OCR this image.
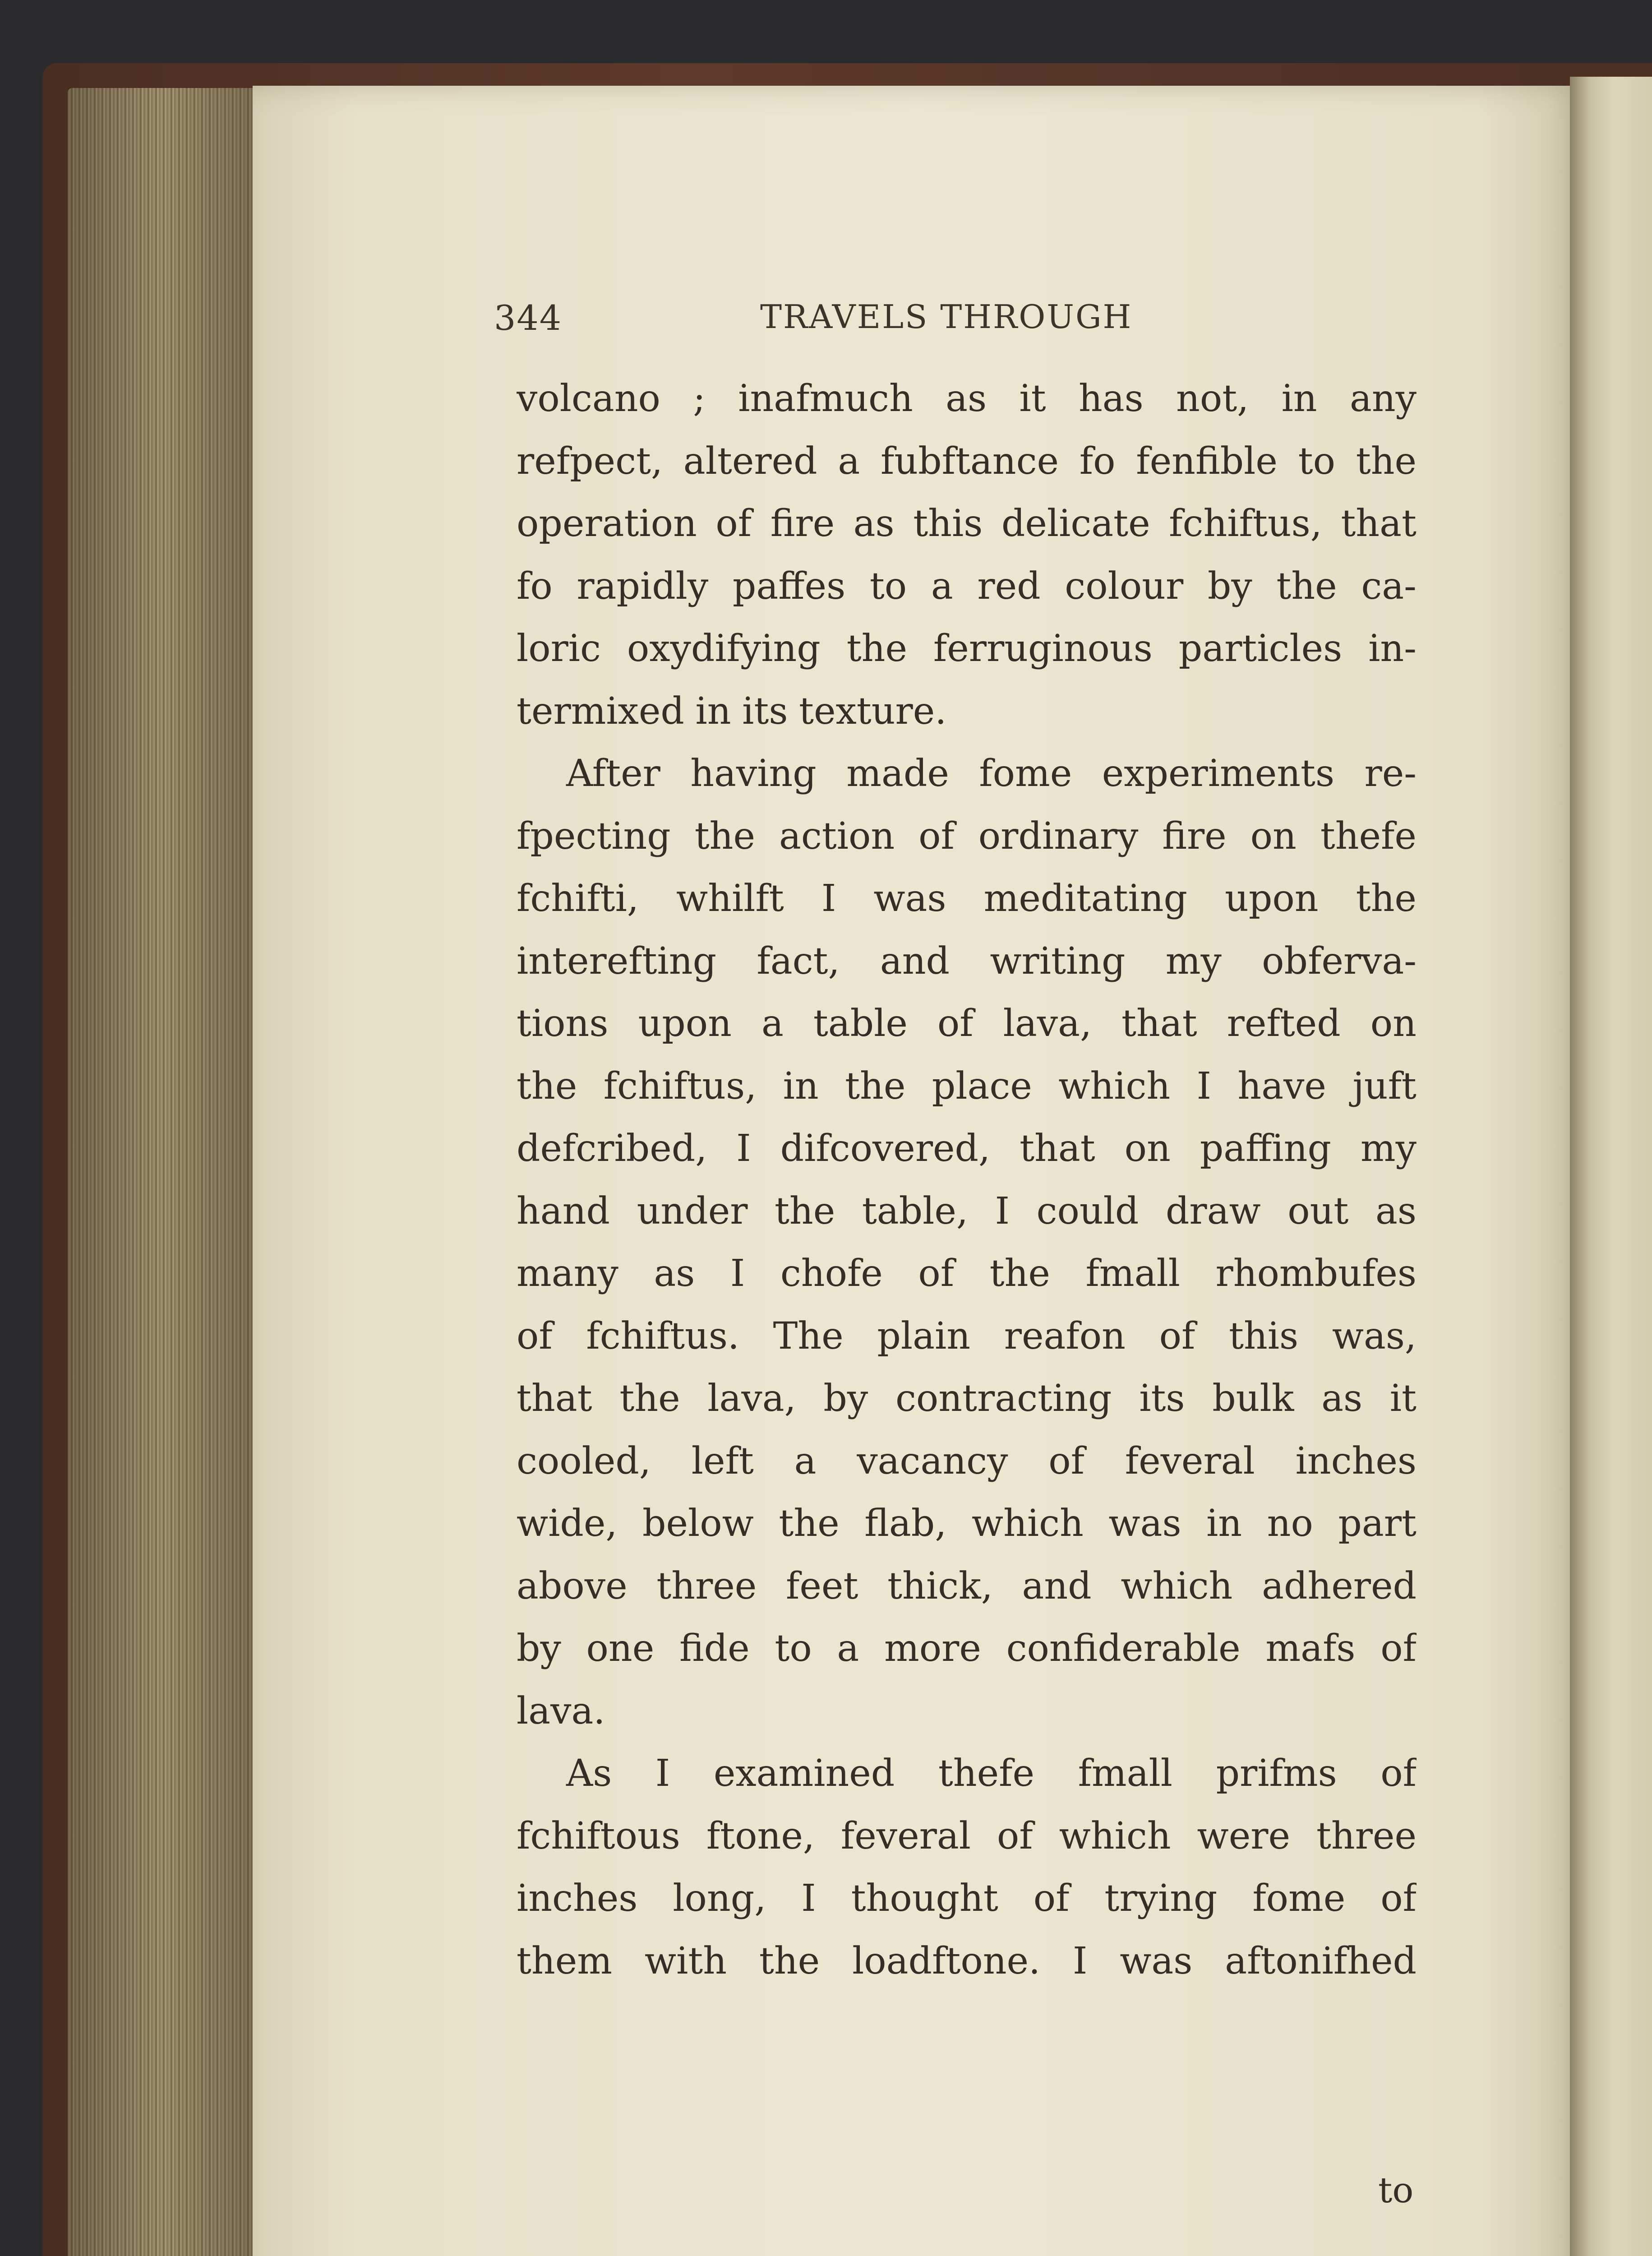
344	TRAVELS THROUGH
volcano ; inafmuch as it has not, in any
refpect, altered a fubftance fo fenfible to the
operation of fire as this delicate fchiftus, that
fo rapidly paffes to a red colour by the ca-
loric oxydifying the ferruginous particles in-
termixed in its texture.
After having made fome experiments re-
fpecting the action of ordinary fire on thefe
fchifti, whilft I was meditating upon the
interefting fact, and writing my obferva-
tions upon a table of lava, that refted on
the fchiftus, in the place which I have juft
defcribed, I difcovered, that on paffing my
hand under the table, I could draw out as
many as I chofe of the fmall rhombufes
of fchiftus. The plain reafon of this was,
that the lava, by contracting its bulk as it
cooled, left a vacancy of feveral inches
wide, below the flab, which was in no part
above three feet thick, and which adhered
by one fide to a more confiderable mafs of
lava.
As I examined thefe fmall prifms of
fchiftous ftone, feveral of which were three
inches long, I thought of trying fome of
them with the loadftone. I was aftonifhed
to
